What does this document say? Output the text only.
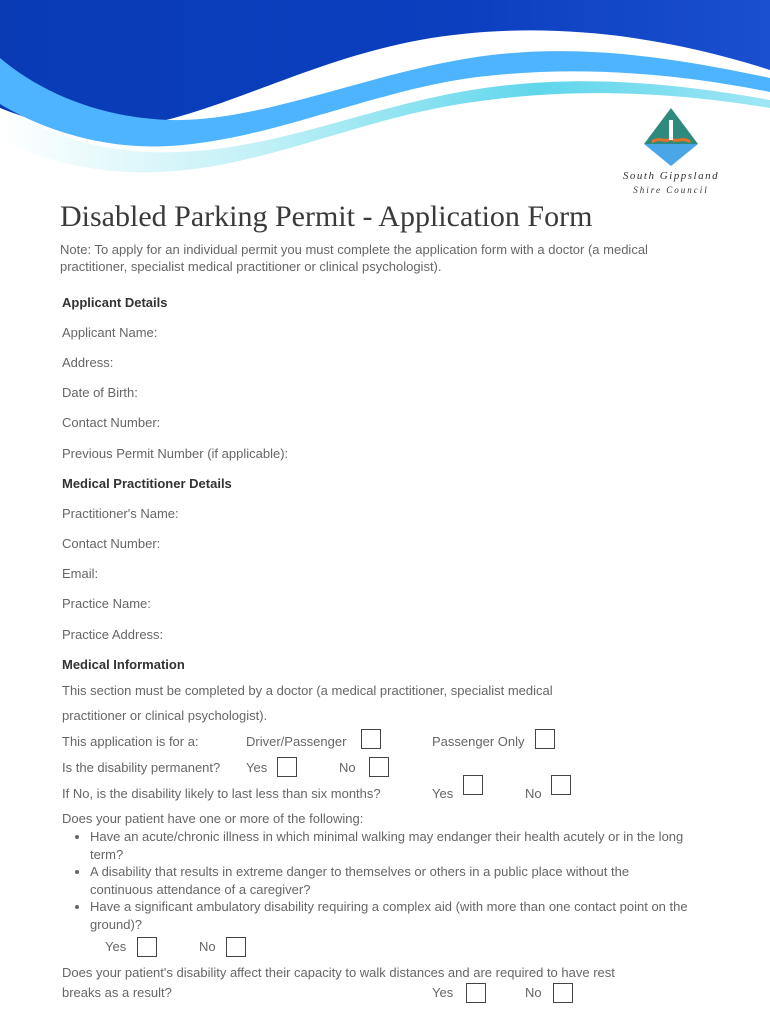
South Gippsland
Shire Council
Disabled Parking Permit - Application Form
Note: To apply for an individual permit you must complete the application form with a doctor (a medical practitioner, specialist medical practitioner or clinical psychologist).
Applicant Details
Applicant Name:
Address:
Date of Birth:
Contact Number:
Previous Permit Number (if applicable):
Medical Practitioner Details
Practitioner's Name:
Contact Number:
Email:
Practice Name:
Practice Address:
Medical Information
This section must be completed by a doctor (a medical practitioner, specialist medical
practitioner or clinical psychologist).
This application is for a:	Driver/Passenger	Passenger Only
Is the disability permanent? Yes	No
If No, is the disability likely to last less than six months?	Yes	No
Does your patient have one or more of the following:
• Have an acute/chronic illness in which minimal walking may endanger their health acutely or in the long term?
• A disability that results in extreme danger to themselves or others in a public place without the continuous attendance of a caregiver?
• Have a significant ambulatory disability requiring a complex aid (with more than one contact point on the ground)?
Yes	No
Does your patient's disability affect their capacity to walk distances and are required to have rest
breaks as a result?	Yes	No
